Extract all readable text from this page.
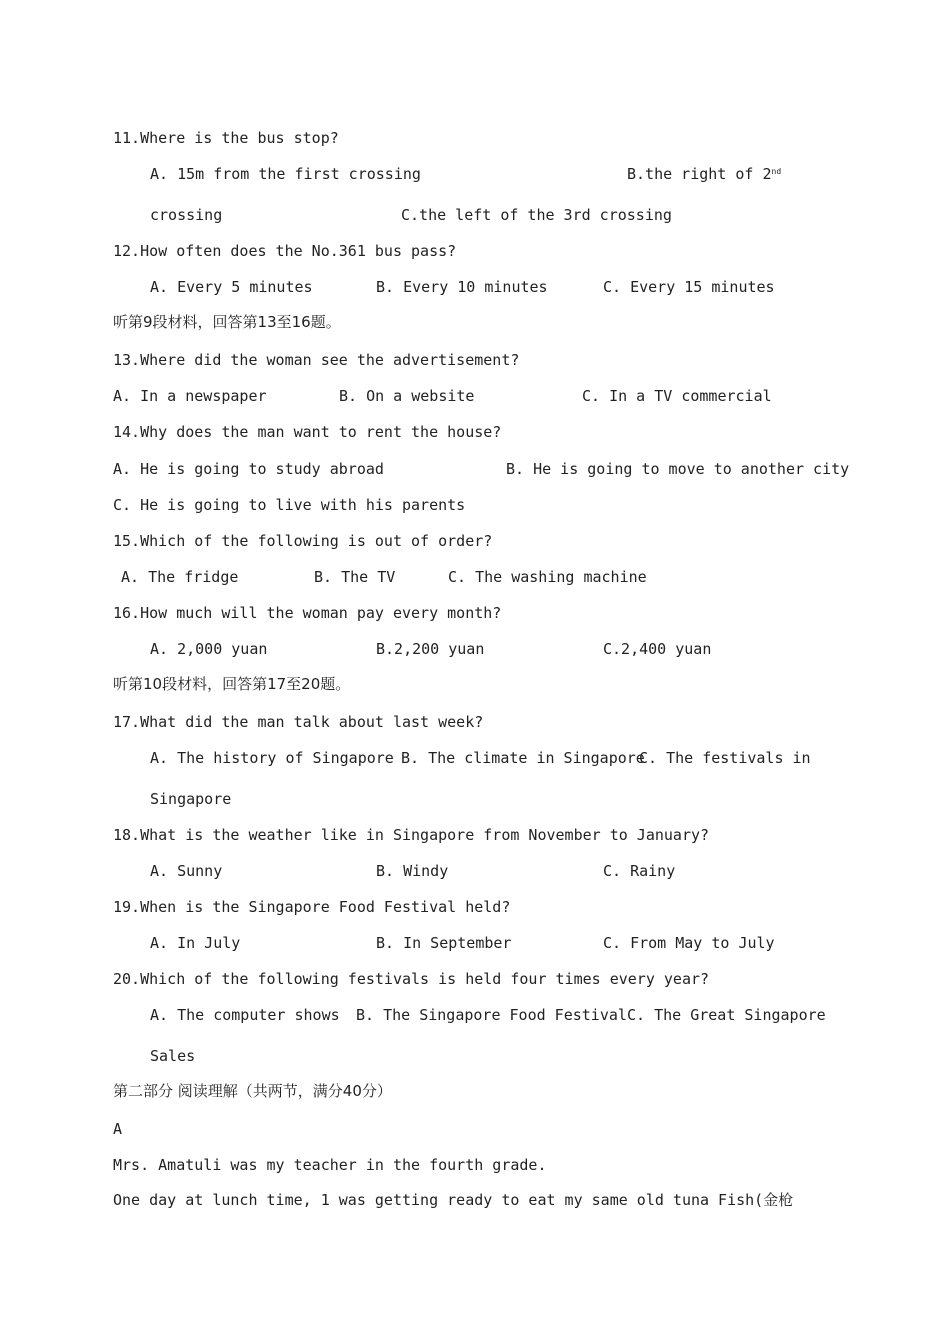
11.Where is the bus stop?
A. 15m from the first crossing	B.the right of 2nd
crossing	C.the left of the 3rd crossing
12.How often does the No.361 bus pass?
A. Every 5 minutes	B. Every 10 minutes	C. Every 15 minutes
听第9段材料，回答第13至16题。
13.Where did the woman see the advertisement?
A. In a newspaper	B. On a website	C. In a TV commercial
14.Why does the man want to rent the house?
A. He is going to study abroad	B. He is going to move to another city
C. He is going to live with his parents
15.Which of the following is out of order?
A. The fridge	B. The TV	C. The washing machine
16.How much will the woman pay every month?
A. 2,000 yuan	B.2,200 yuan	C.2,400 yuan
听第10段材料，回答第17至20题。
17.What did the man talk about last week?
A. The history of Singapore B. The climate in Singapore
C. The festivals in
Singapore
18.What is the weather like in Singapore from November to January?
A. Sunny	B. Windy	C. Rainy
19.When is the Singapore Food Festival held?
A. In July	B. In September	C. From May to July
20.Which of the following festivals is held four times every year?
A. The computer shows B. The Singapore Food Festival C. The Great Singapore
Sales
第二部分 阅读理解（共两节，满分40分）
A
Mrs. Amatuli was my teacher in the fourth grade.
One day at lunch time, 1 was getting ready to eat my same old tuna Fish(金枪
